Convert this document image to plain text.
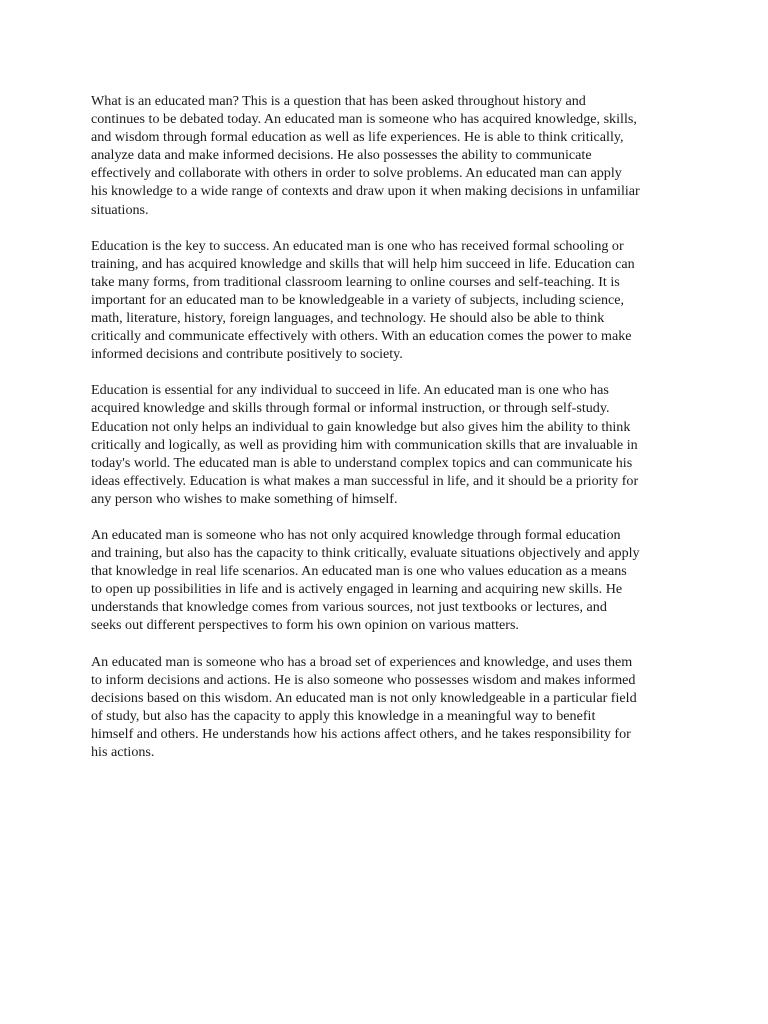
What is an educated man? This is a question that has been asked throughout history and
continues to be debated today. An educated man is someone who has acquired knowledge, skills,
and wisdom through formal education as well as life experiences. He is able to think critically,
analyze data and make informed decisions. He also possesses the ability to communicate
effectively and collaborate with others in order to solve problems. An educated man can apply
his knowledge to a wide range of contexts and draw upon it when making decisions in unfamiliar
situations.

Education is the key to success. An educated man is one who has received formal schooling or
training, and has acquired knowledge and skills that will help him succeed in life. Education can
take many forms, from traditional classroom learning to online courses and self-teaching. It is
important for an educated man to be knowledgeable in a variety of subjects, including science,
math, literature, history, foreign languages, and technology. He should also be able to think
critically and communicate effectively with others. With an education comes the power to make
informed decisions and contribute positively to society.

Education is essential for any individual to succeed in life. An educated man is one who has
acquired knowledge and skills through formal or informal instruction, or through self-study.
Education not only helps an individual to gain knowledge but also gives him the ability to think
critically and logically, as well as providing him with communication skills that are invaluable in
today's world. The educated man is able to understand complex topics and can communicate his
ideas effectively. Education is what makes a man successful in life, and it should be a priority for
any person who wishes to make something of himself.

An educated man is someone who has not only acquired knowledge through formal education
and training, but also has the capacity to think critically, evaluate situations objectively and apply
that knowledge in real life scenarios. An educated man is one who values education as a means
to open up possibilities in life and is actively engaged in learning and acquiring new skills. He
understands that knowledge comes from various sources, not just textbooks or lectures, and
seeks out different perspectives to form his own opinion on various matters.

An educated man is someone who has a broad set of experiences and knowledge, and uses them
to inform decisions and actions. He is also someone who possesses wisdom and makes informed
decisions based on this wisdom. An educated man is not only knowledgeable in a particular field
of study, but also has the capacity to apply this knowledge in a meaningful way to benefit
himself and others. He understands how his actions affect others, and he takes responsibility for
his actions.
